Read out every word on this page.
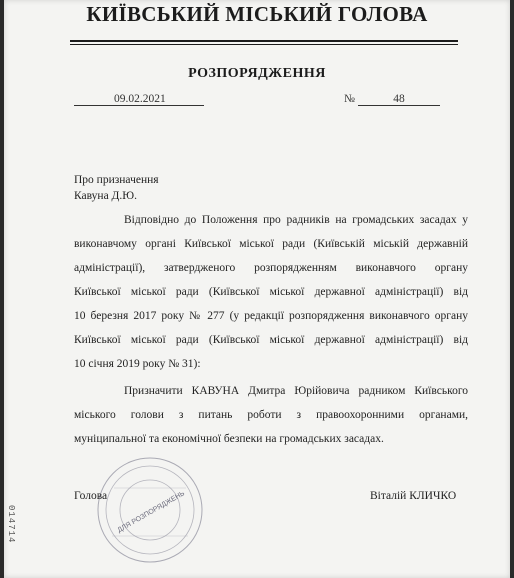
КИЇВСЬКИЙ МІСЬКИЙ ГОЛОВА
РОЗПОРЯДЖЕННЯ
09.02.2021	№	48
Про призначення
Кавуна Д.Ю.
Відповідно до Положення про радників на громадських засадах у
виконавчому органі Київської міської ради (Київській міській державній
адміністрації), затвердженого розпорядженням виконавчого органу
Київської міської ради (Київської міської державної адміністрації) від
10 березня 2017 року № 277 (у редакції розпорядження виконавчого органу
Київської міської ради (Київської міської державної адміністрації) від
10 січня 2019 року № 31):
Призначити КАВУНА Дмитра Юрійовича радником Київського
міського голови з питань роботи з правоохоронними органами,
муніципальної та економічної безпеки на громадських засадах.
ДЛЯ РОЗПОРЯДЖЕНЬ
Голова	Віталій КЛИЧКО
014714
